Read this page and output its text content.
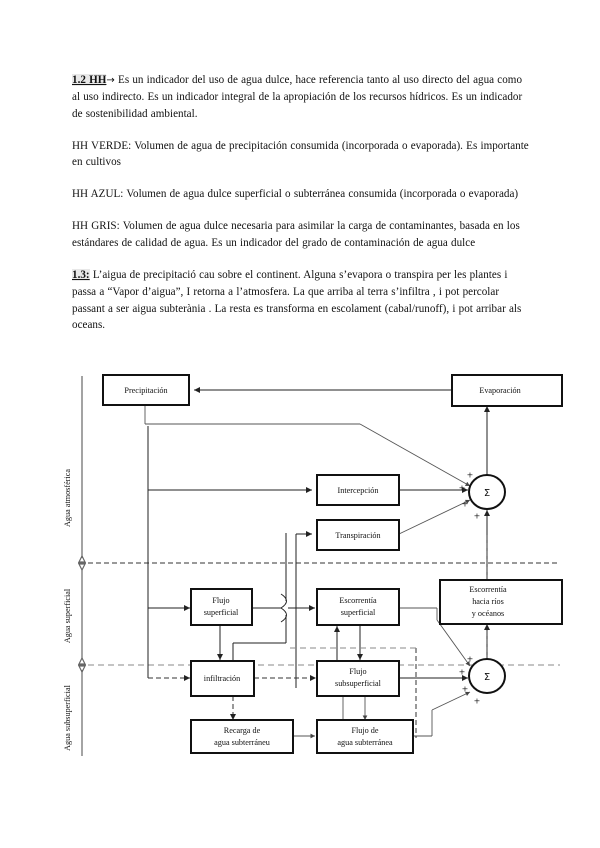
1.2 HH→ Es un indicador del uso de agua dulce, hace referencia tanto al uso directo del agua como al uso indirecto. Es un indicador integral de la apropiación de los recursos hídricos. Es un indicador de sostenibilidad ambiental.

HH VERDE: Volumen de agua de precipitación consumida (incorporada o evaporada). Es importante en cultivos

HH AZUL: Volumen de agua dulce superficial o subterránea consumida (incorporada o evaporada)

HH GRIS: Volumen de agua dulce necesaria para asimilar la carga de contaminantes, basada en los estándares de calidad de agua. Es un indicador del grado de contaminación de agua dulce

1.3: L’aigua de precipitació cau sobre el continent. Alguna s’evapora o transpira per les plantes i passa a “Vapor d’aigua”, I retorna a l’atmosfera. La que arriba al terra s’infiltra , i pot percolar passant a ser aigua subterània . La resta es transforma en escolament (cabal/runoff), i pot arribar als oceans.

Agua atmosférica
Agua superficial
Agua subsuperficial
Precipitación	Evaporación
Intercepción
Transpiración
Flujo
superficial
Escorrentía
superficial
Escorrentía
hacia ríos
y océanos
infiltración
Flujo
subsuperficial
Recarga de
agua subterráneu
Flujo de
agua subterránea
Σ
+
+
+
+
Σ
+
+
+
+
